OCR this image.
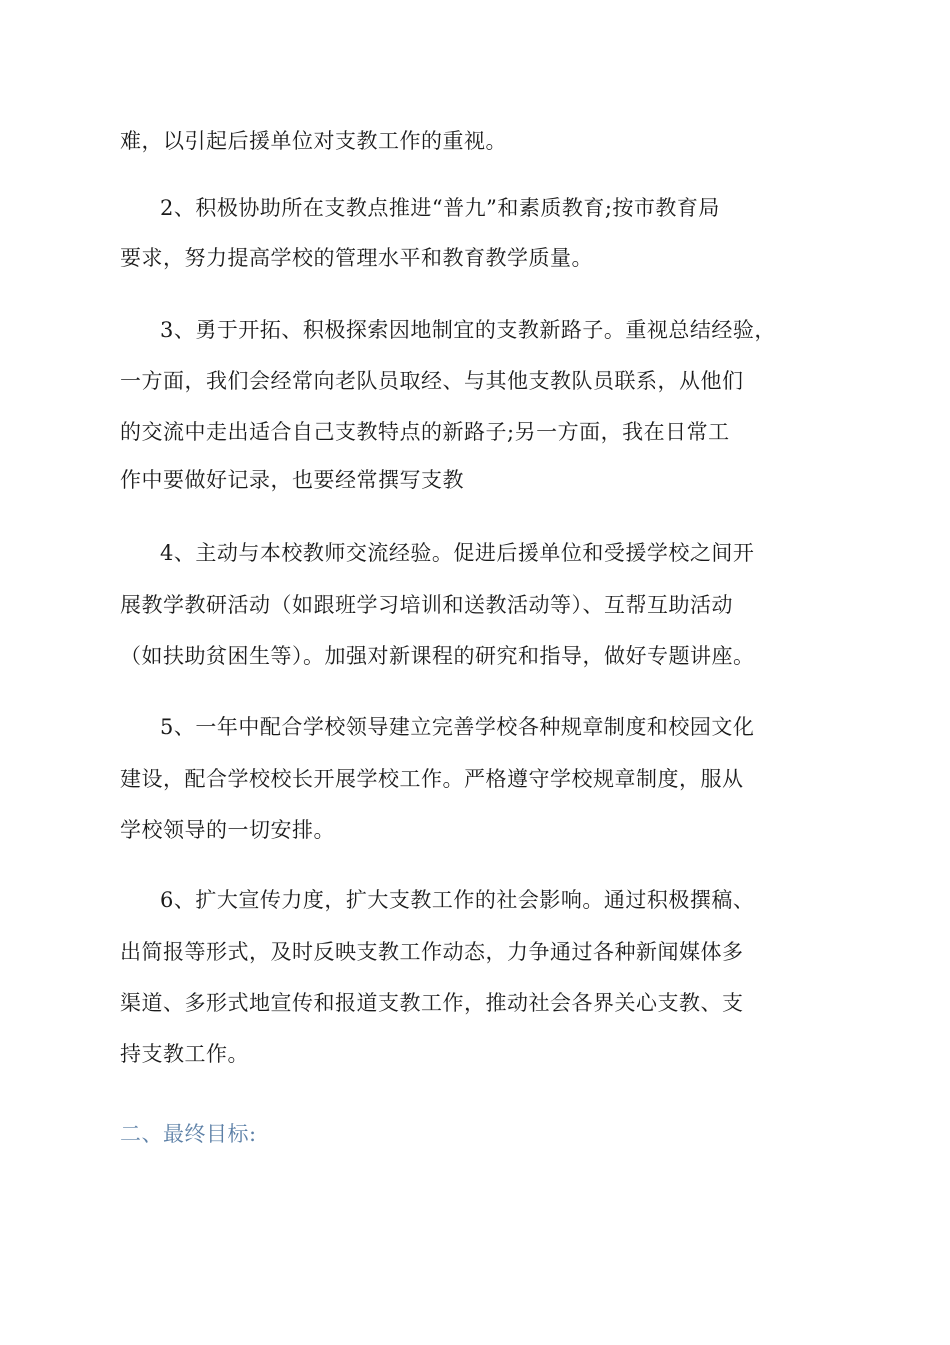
难，以引起后援单位对支教工作的重视。
2、积极协助所在支教点推进“普九”和素质教育;按市教育局
要求，努力提高学校的管理水平和教育教学质量。
3、勇于开拓、积极探索因地制宜的支教新路子。重视总结经验，
一方面，我们会经常向老队员取经、与其他支教队员联系，从他们
的交流中走出适合自己支教特点的新路子;另一方面，我在日常工
作中要做好记录，也要经常撰写支教
4、主动与本校教师交流经验。促进后援单位和受援学校之间开
展教学教研活动（如跟班学习培训和送教活动等）、互帮互助活动
（如扶助贫困生等）。加强对新课程的研究和指导，做好专题讲座。
5、一年中配合学校领导建立完善学校各种规章制度和校园文化
建设，配合学校校长开展学校工作。严格遵守学校规章制度，服从
学校领导的一切安排。
6、扩大宣传力度，扩大支教工作的社会影响。通过积极撰稿、
出简报等形式，及时反映支教工作动态，力争通过各种新闻媒体多
渠道、多形式地宣传和报道支教工作，推动社会各界关心支教、支
持支教工作。
二、最终目标:
